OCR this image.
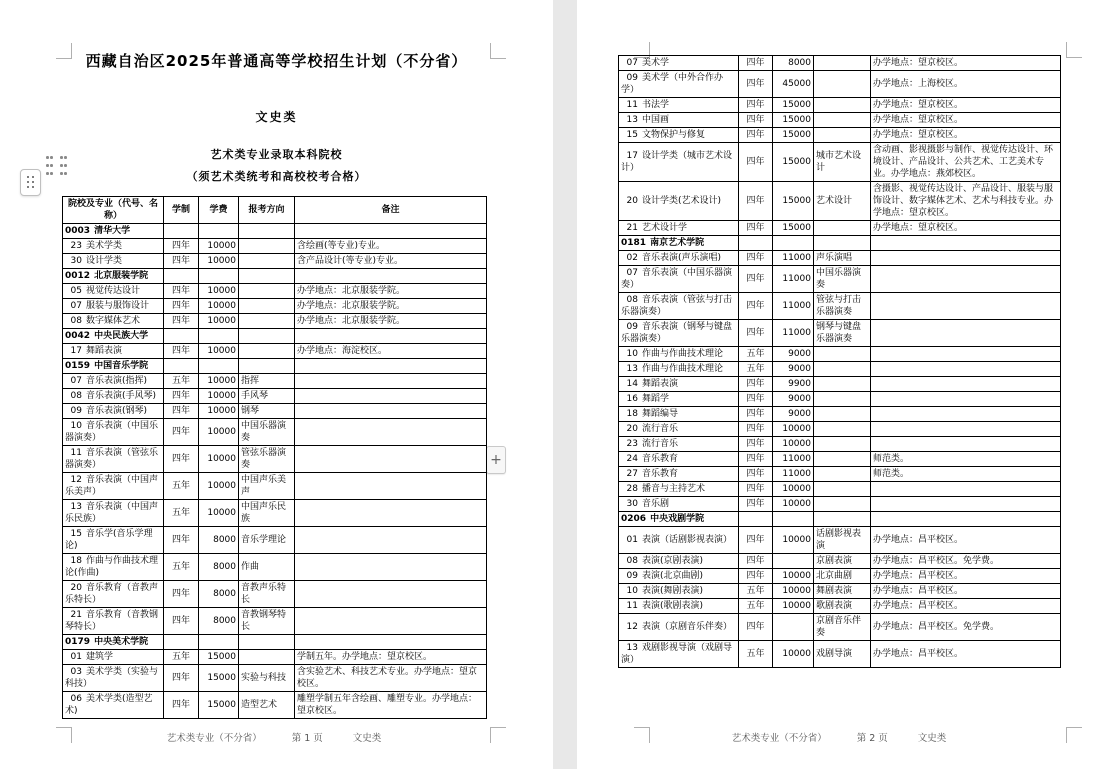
西藏自治区2025年普通高等学校招生计划（不分省）
文史类
艺术类专业录取本科院校
（须艺术类统考和高校校考合格）
+
院校及专业（代号、名称）	学制	学费	报考方向	备注
0003 清华大学				
23 美术学类	四年	10000		含绘画(等专业)专业。
30 设计学类	四年	10000		含产品设计(等专业)专业。
0012 北京服装学院				
05 视觉传达设计	四年	10000		办学地点：北京服装学院。
07 服装与服饰设计	四年	10000		办学地点：北京服装学院。
08 数字媒体艺术	四年	10000		办学地点：北京服装学院。
0042 中央民族大学				
17 舞蹈表演	四年	10000		办学地点：海淀校区。
0159 中国音乐学院				
07 音乐表演(指挥)	五年	10000	指挥	
08 音乐表演(手风琴)	四年	10000	手风琴	
09 音乐表演(钢琴)	四年	10000	钢琴	
10 音乐表演（中国乐器演奏）	四年	10000	中国乐器演奏	
11 音乐表演（管弦乐器演奏）	四年	10000	管弦乐器演奏	
12 音乐表演（中国声乐美声）	五年	10000	中国声乐美声	
13 音乐表演（中国声乐民族）	五年	10000	中国声乐民族	
15 音乐学(音乐学理论)	四年	8000	音乐学理论	
18 作曲与作曲技术理论(作曲)	五年	8000	作曲	
20 音乐教育（音教声乐特长）	四年	8000	音教声乐特长	
21 音乐教育（音教钢琴特长）	四年	8000	音教钢琴特长	
0179 中央美术学院				
01 建筑学	五年	15000		学制五年。办学地点：望京校区。
03 美术学类（实验与科技）	四年	15000	实验与科技	含实验艺术、科技艺术专业。办学地点：望京校区。
06 美术学类(造型艺术)	四年	15000	造型艺术	雕塑学制五年含绘画、雕塑专业。办学地点：望京校区。
07 美术学	四年	8000		办学地点：望京校区。
09 美术学（中外合作办学）	四年	45000		办学地点：上海校区。
11 书法学	四年	15000		办学地点：望京校区。
13 中国画	四年	15000		办学地点：望京校区。
15 文物保护与修复	四年	15000		办学地点：望京校区。
17 设计学类（城市艺术设计）	四年	15000	城市艺术设计	含动画、影视摄影与制作、视觉传达设计、环境设计、产品设计、公共艺术、工艺美术专业。办学地点：燕郊校区。
20 设计学类(艺术设计)	四年	15000	艺术设计	含摄影、视觉传达设计、产品设计、服装与服饰设计、数字媒体艺术、艺术与科技专业。办学地点：望京校区。
21 艺术设计学	四年	15000		办学地点：望京校区。
0181 南京艺术学院				
02 音乐表演(声乐演唱)	四年	11000	声乐演唱	
07 音乐表演（中国乐器演奏）	四年	11000	中国乐器演奏	
08 音乐表演（管弦与打击乐器演奏）	四年	11000	管弦与打击乐器演奏	
09 音乐表演（钢琴与键盘乐器演奏）	四年	11000	钢琴与键盘乐器演奏	
10 作曲与作曲技术理论	五年	9000		
13 作曲与作曲技术理论	五年	9000		
14 舞蹈表演	四年	9900		
16 舞蹈学	四年	9000		
18 舞蹈编导	四年	9000		
20 流行音乐	四年	10000		
23 流行音乐	四年	10000		
24 音乐教育	四年	11000		师范类。
27 音乐教育	四年	11000		师范类。
28 播音与主持艺术	四年	10000		
30 音乐剧	四年	10000		
0206 中央戏剧学院				
01 表演（话剧影视表演）	四年	10000	话剧影视表演	办学地点：昌平校区。
08 表演(京剧表演)	四年		京剧表演	办学地点：昌平校区。免学费。
09 表演(北京曲剧)	四年	10000	北京曲剧	办学地点：昌平校区。
10 表演(舞剧表演)	五年	10000	舞剧表演	办学地点：昌平校区。
11 表演(歌剧表演)	五年	10000	歌剧表演	办学地点：昌平校区。
12 表演（京剧音乐伴奏）	四年		京剧音乐伴奏	办学地点：昌平校区。免学费。
13 戏剧影视导演（戏剧导演）	五年	10000	戏剧导演	办学地点：昌平校区。
艺术类专业（不分省）	第 1 页	文史类	艺术类专业（不分省）	第 2 页	文史类
